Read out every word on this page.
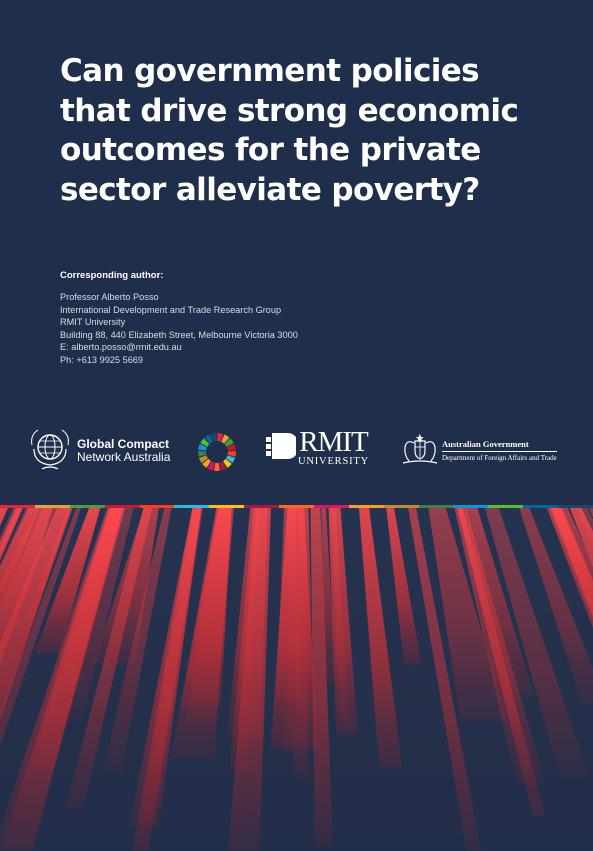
Can government policies
that drive strong economic
outcomes for the private
sector alleviate poverty?
Corresponding author:
Professor Alberto Posso
International Development and Trade Research Group
RMIT University
Building 88, 440 Elizabeth Street, Melbourne Victoria 3000
E: alberto.posso@rmit.edu.au
Ph: +613 9925 5669
Global Compact
Network Australia	RMIT
UNIVERSITY
Australian Government
Department of Foreign Affairs and Trade
